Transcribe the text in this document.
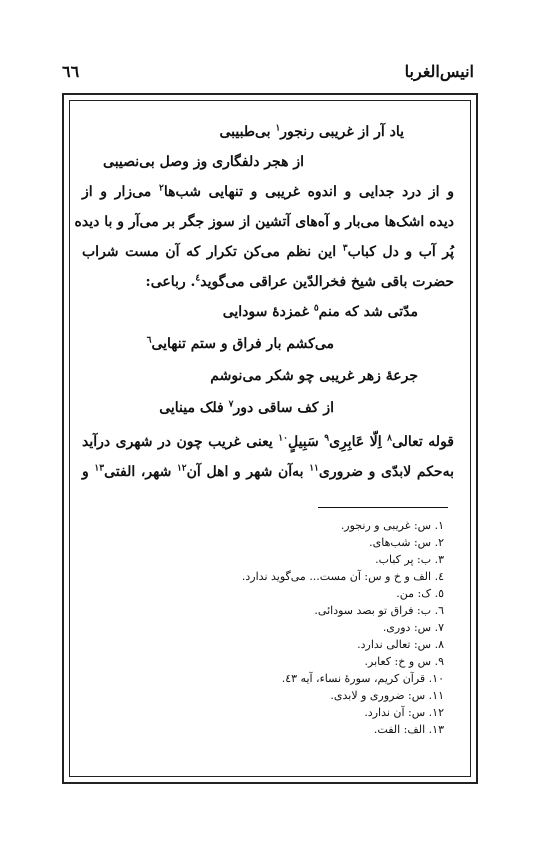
انیس‌الغربا
٦٦
یاد آر از غریبی رنجور$^١$ بی‌طبیبی
از هجر دلفگاری وز وصل بی‌نصیبی
و از درد جدایی و اندوه غریبی و تنهایی شب‌ها$^٢$ می‌زار و از
دیده اشک‌ها می‌بار و آه‌های آتشین از سوز جگر بر می‌آر و با دیده
پُر آب و دل کباب$^٣$ این نظم می‌کن تکرار که آن مست شراب
حضرت باقی شیخ فخرالدّین عراقی می‌گوید$^٤$. رباعی:
مدّتی شد که منم$^٥$ غمزدهٔ سودایی
می‌کشم بار فراق و ستم تنهایی$^٦$
جرعهٔ زهر غریبی چو شکر می‌نوشم
از کف ساقی دور$^٧$ فلک مینایی
قوله تعالی$^٨$ اِلّا عَابِرِی$^٩$ سَبِیلٍ$^{١٠}$ یعنی غریب چون در شهری درآید
به‌حکم لابدّی و ضروری$^{١١}$ به‌آن شهر و اهل آن$^{١٢}$ شهر، الفتی$^{١٣}$ و
١. س: غریبی و رنجور.
٢. س: شب‌های.
٣. ب: پر کباب.
٤. الف و خ و س: آن مست... می‌گوید ندارد.
٥. ک: من.
٦. ب: فراق تو بصد سودائی.
٧. س: دوری.
٨. س: تعالی ندارد.
٩. س و خ: کعابر.
١٠. قرآن کریم، سورهٔ نساء، آیه ٤٣.
١١. س: ضروری و لابدی.
١٢. س: آن ندارد.
١٣. الف: الفت.
